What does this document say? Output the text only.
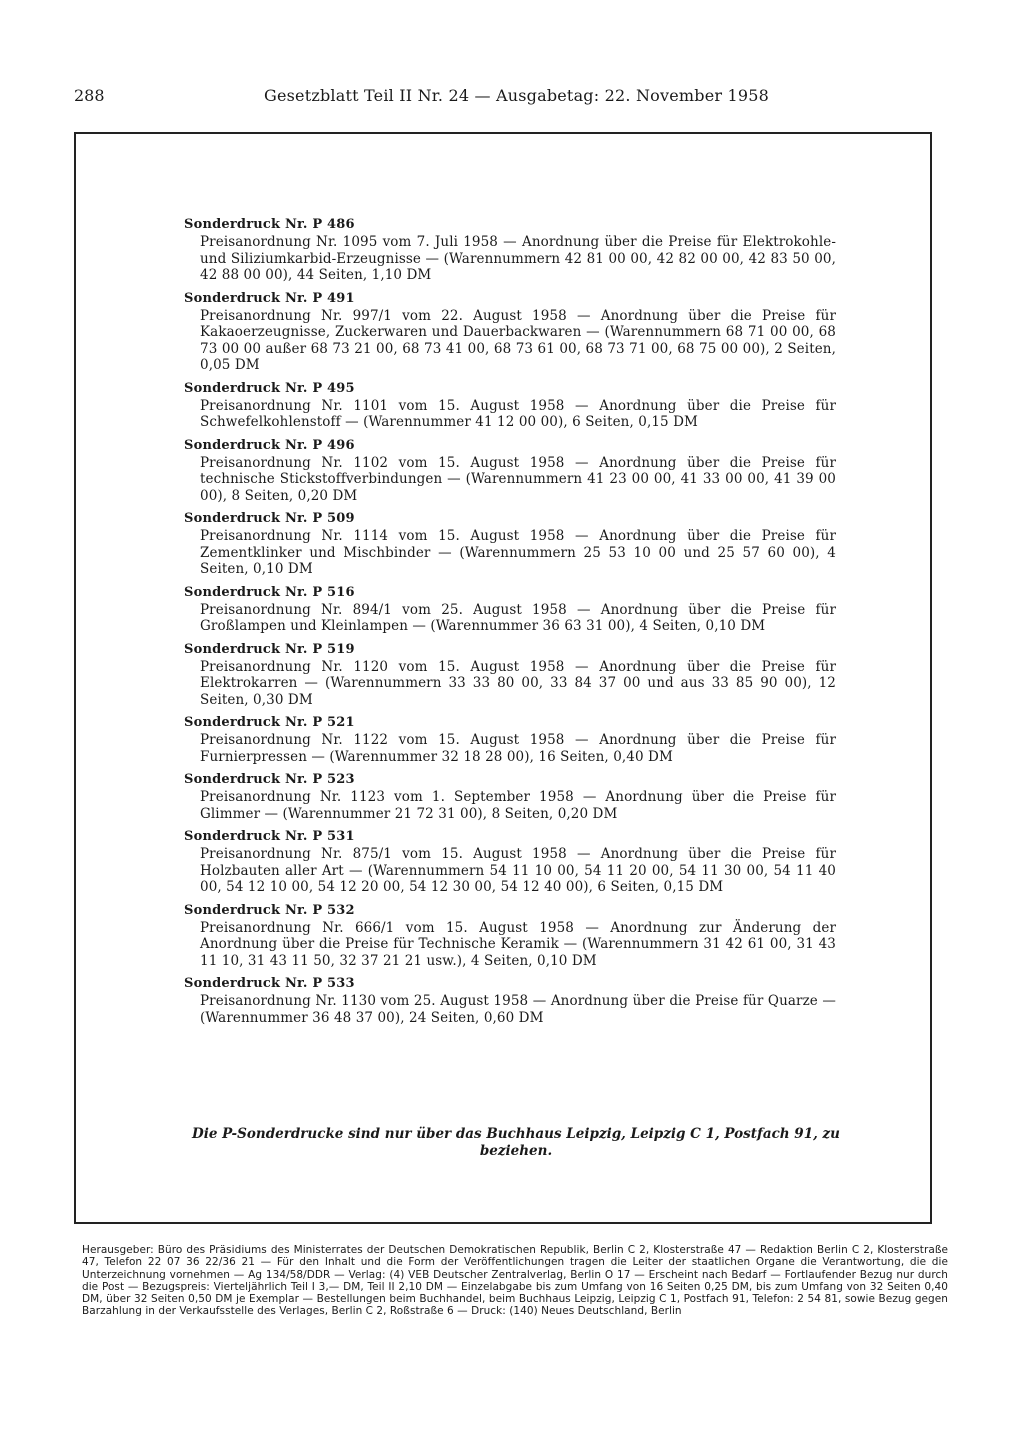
288	Gesetzblatt Teil II Nr. 24 — Ausgabetag: 22. November 1958
Sonderdruck Nr. P 486
Preisanordnung Nr. 1095 vom 7. Juli 1958 — Anordnung über die Preise für Elektrokohle- und Siliziumkarbid-Erzeugnisse — (Warennummern 42 81 00 00, 42 82 00 00, 42 83 50 00, 42 88 00 00), 44 Seiten, 1,10 DM
Sonderdruck Nr. P 491
Preisanordnung Nr. 997/1 vom 22. August 1958 — Anordnung über die Preise für Kakaoerzeugnisse, Zuckerwaren und Dauerbackwaren — (Warennummern 68 71 00 00, 68 73 00 00 außer 68 73 21 00, 68 73 41 00, 68 73 61 00, 68 73 71 00, 68 75 00 00), 2 Seiten, 0,05 DM
Sonderdruck Nr. P 495
Preisanordnung Nr. 1101 vom 15. August 1958 — Anordnung über die Preise für Schwefelkohlenstoff — (Warennummer 41 12 00 00), 6 Seiten, 0,15 DM
Sonderdruck Nr. P 496
Preisanordnung Nr. 1102 vom 15. August 1958 — Anordnung über die Preise für technische Stickstoffverbindungen — (Warennummern 41 23 00 00, 41 33 00 00, 41 39 00 00), 8 Seiten, 0,20 DM
Sonderdruck Nr. P 509
Preisanordnung Nr. 1114 vom 15. August 1958 — Anordnung über die Preise für Zementklinker und Mischbinder — (Warennummern 25 53 10 00 und 25 57 60 00), 4 Seiten, 0,10 DM
Sonderdruck Nr. P 516
Preisanordnung Nr. 894/1 vom 25. August 1958 — Anordnung über die Preise für Großlampen und Kleinlampen — (Warennummer 36 63 31 00), 4 Seiten, 0,10 DM
Sonderdruck Nr. P 519
Preisanordnung Nr. 1120 vom 15. August 1958 — Anordnung über die Preise für Elektrokarren — (Warennummern 33 33 80 00, 33 84 37 00 und aus 33 85 90 00), 12 Seiten, 0,30 DM
Sonderdruck Nr. P 521
Preisanordnung Nr. 1122 vom 15. August 1958 — Anordnung über die Preise für Furnierpressen — (Warennummer 32 18 28 00), 16 Seiten, 0,40 DM
Sonderdruck Nr. P 523
Preisanordnung Nr. 1123 vom 1. September 1958 — Anordnung über die Preise für Glimmer — (Warennummer 21 72 31 00), 8 Seiten, 0,20 DM
Sonderdruck Nr. P 531
Preisanordnung Nr. 875/1 vom 15. August 1958 — Anordnung über die Preise für Holzbauten aller Art — (Warennummern 54 11 10 00, 54 11 20 00, 54 11 30 00, 54 11 40 00, 54 12 10 00, 54 12 20 00, 54 12 30 00, 54 12 40 00), 6 Seiten, 0,15 DM
Sonderdruck Nr. P 532
Preisanordnung Nr. 666/1 vom 15. August 1958 — Anordnung zur Änderung der Anordnung über die Preise für Technische Keramik — (Warennummern 31 42 61 00, 31 43 11 10, 31 43 11 50, 32 37 21 21 usw.), 4 Seiten, 0,10 DM
Sonderdruck Nr. P 533
Preisanordnung Nr. 1130 vom 25. August 1958 — Anordnung über die Preise für Quarze — (Warennummer 36 48 37 00), 24 Seiten, 0,60 DM
Die P-Sonderdrucke sind nur über das Buchhaus Leipzig, Leipzig C 1, Postfach 91, zu beziehen.
Herausgeber: Büro des Präsidiums des Ministerrates der Deutschen Demokratischen Republik, Berlin C 2, Klosterstraße 47 — Redaktion Berlin C 2, Klosterstraße 47, Telefon 22 07 36 22/36 21 — Für den Inhalt und die Form der Veröffentlichungen tragen die Leiter der staatlichen Organe die Verantwortung, die die Unterzeichnung vornehmen — Ag 134/58/DDR — Verlag: (4) VEB Deutscher Zentralverlag, Berlin O 17 — Erscheint nach Bedarf — Fortlaufender Bezug nur durch die Post — Bezugspreis: Vierteljährlich Teil I 3,— DM, Teil II 2,10 DM — Einzelabgabe bis zum Umfang von 16 Seiten 0,25 DM, bis zum Umfang von 32 Seiten 0,40 DM, über 32 Seiten 0,50 DM je Exemplar — Bestellungen beim Buchhandel, beim Buchhaus Leipzig, Leipzig C 1, Postfach 91, Telefon: 2 54 81, sowie Bezug gegen Barzahlung in der Verkaufsstelle des Verlages, Berlin C 2, Roßstraße 6 — Druck: (140) Neues Deutschland, Berlin
